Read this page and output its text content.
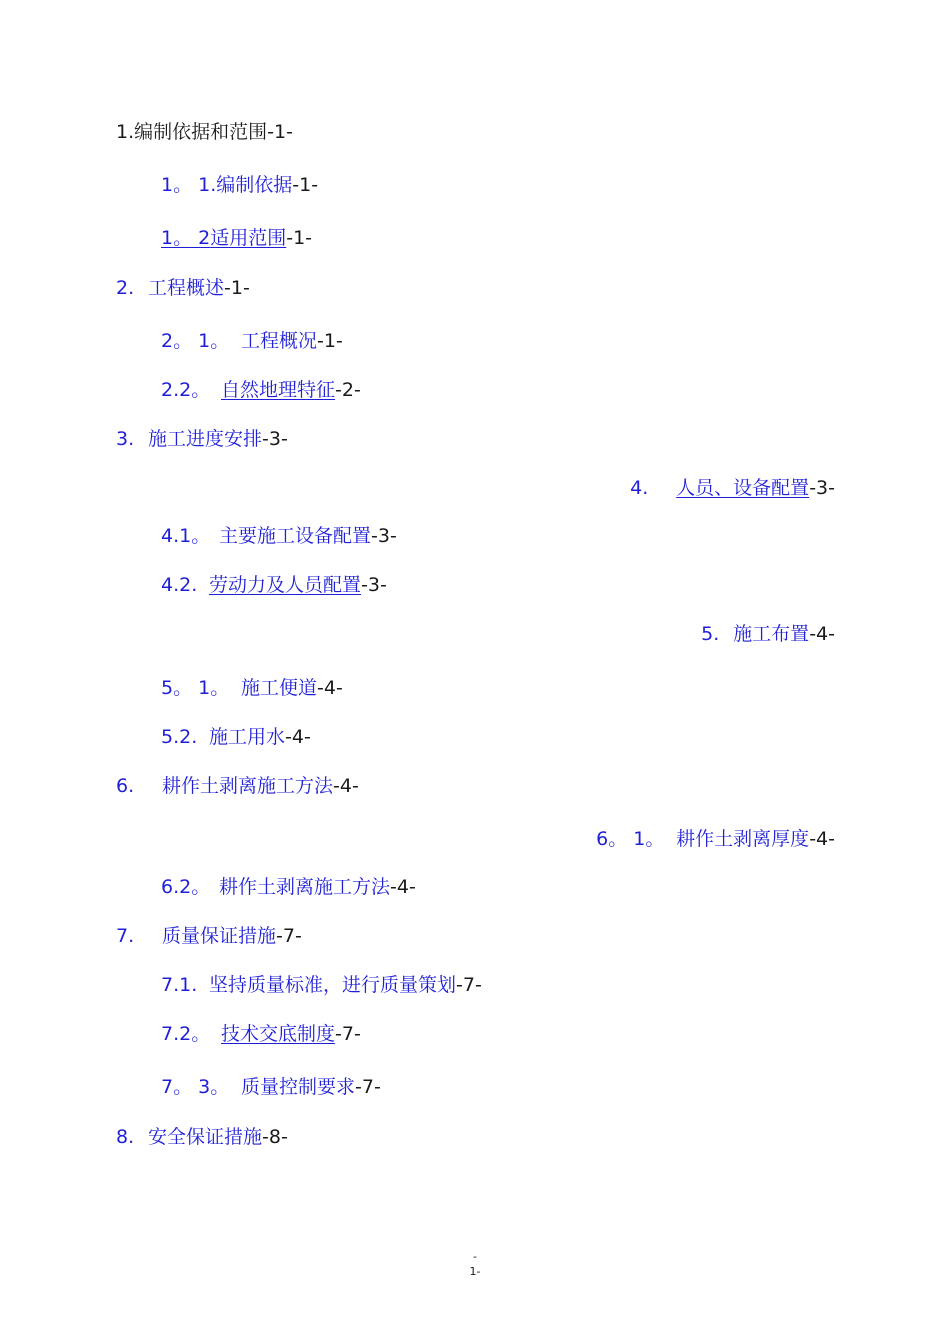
1.编制依据和范围-1-
1。 1.编制依据-1-
1。 2适用范围-1-
2. 工程概述-1-
2。 1。 工程概况-1-
2.2。 自然地理特征-2-
3. 施工进度安排-3-
4. 人员、设备配置-3-
4.1。 主要施工设备配置-3-
4.2. 劳动力及人员配置-3-
5. 施工布置-4-
5。 1。 施工便道-4-
5.2. 施工用水-4-
6. 耕作土剥离施工方法-4-
6。 1。 耕作土剥离厚度-4-
6.2。 耕作土剥离施工方法-4-
7. 质量保证措施-7-
7.1. 坚持质量标准，进行质量策划-7-
7.2。 技术交底制度-7-
7。 3。 质量控制要求-7-
8. 安全保证措施-8-
-
1-
